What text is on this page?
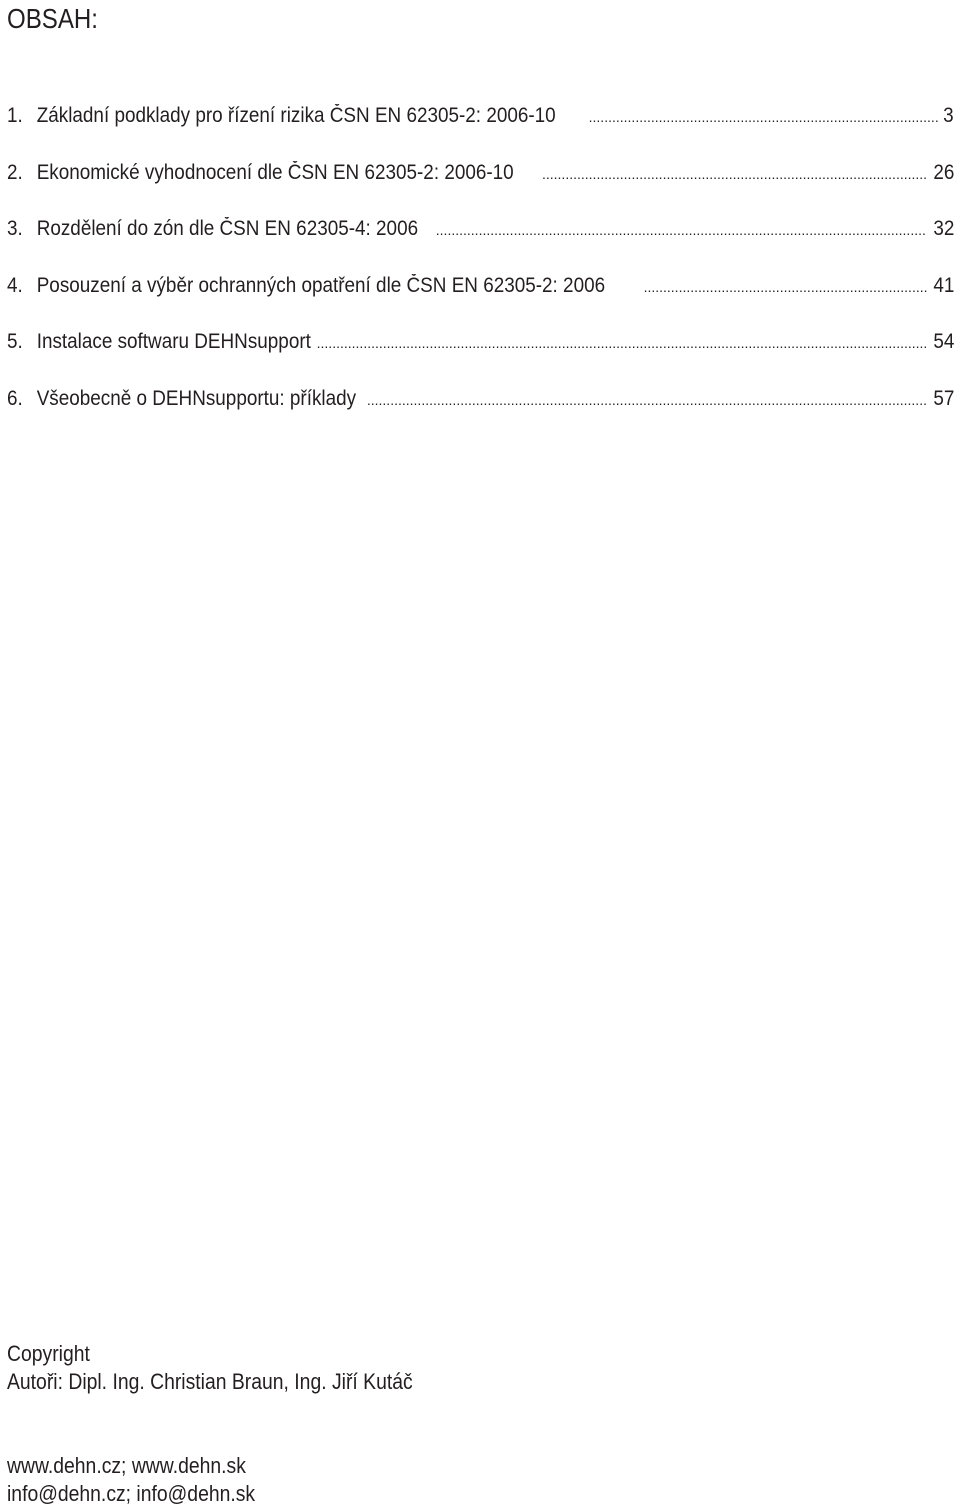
OBSAH:
1. Základní podklady pro řízení rizika ČSN EN 62305-2: 2006-10 .....	3
2. Ekonomické vyhodnocení dle ČSN EN 62305-2: 2006-10 .....	26
3. Rozdělení do zón dle ČSN EN 62305-4: 2006 .....	32
4. Posouzení a výběr ochranných opatření dle ČSN EN 62305-2: 2006 .....	41
5. Instalace softwaru DEHNsupport .....	54
6. Všeobecně o DEHNsupportu: příklady .....	57
Copyright
Autoři: Dipl. Ing. Christian Braun, Ing. Jiří Kutáč
www.dehn.cz; www.dehn.sk
info@dehn.cz; info@dehn.sk
